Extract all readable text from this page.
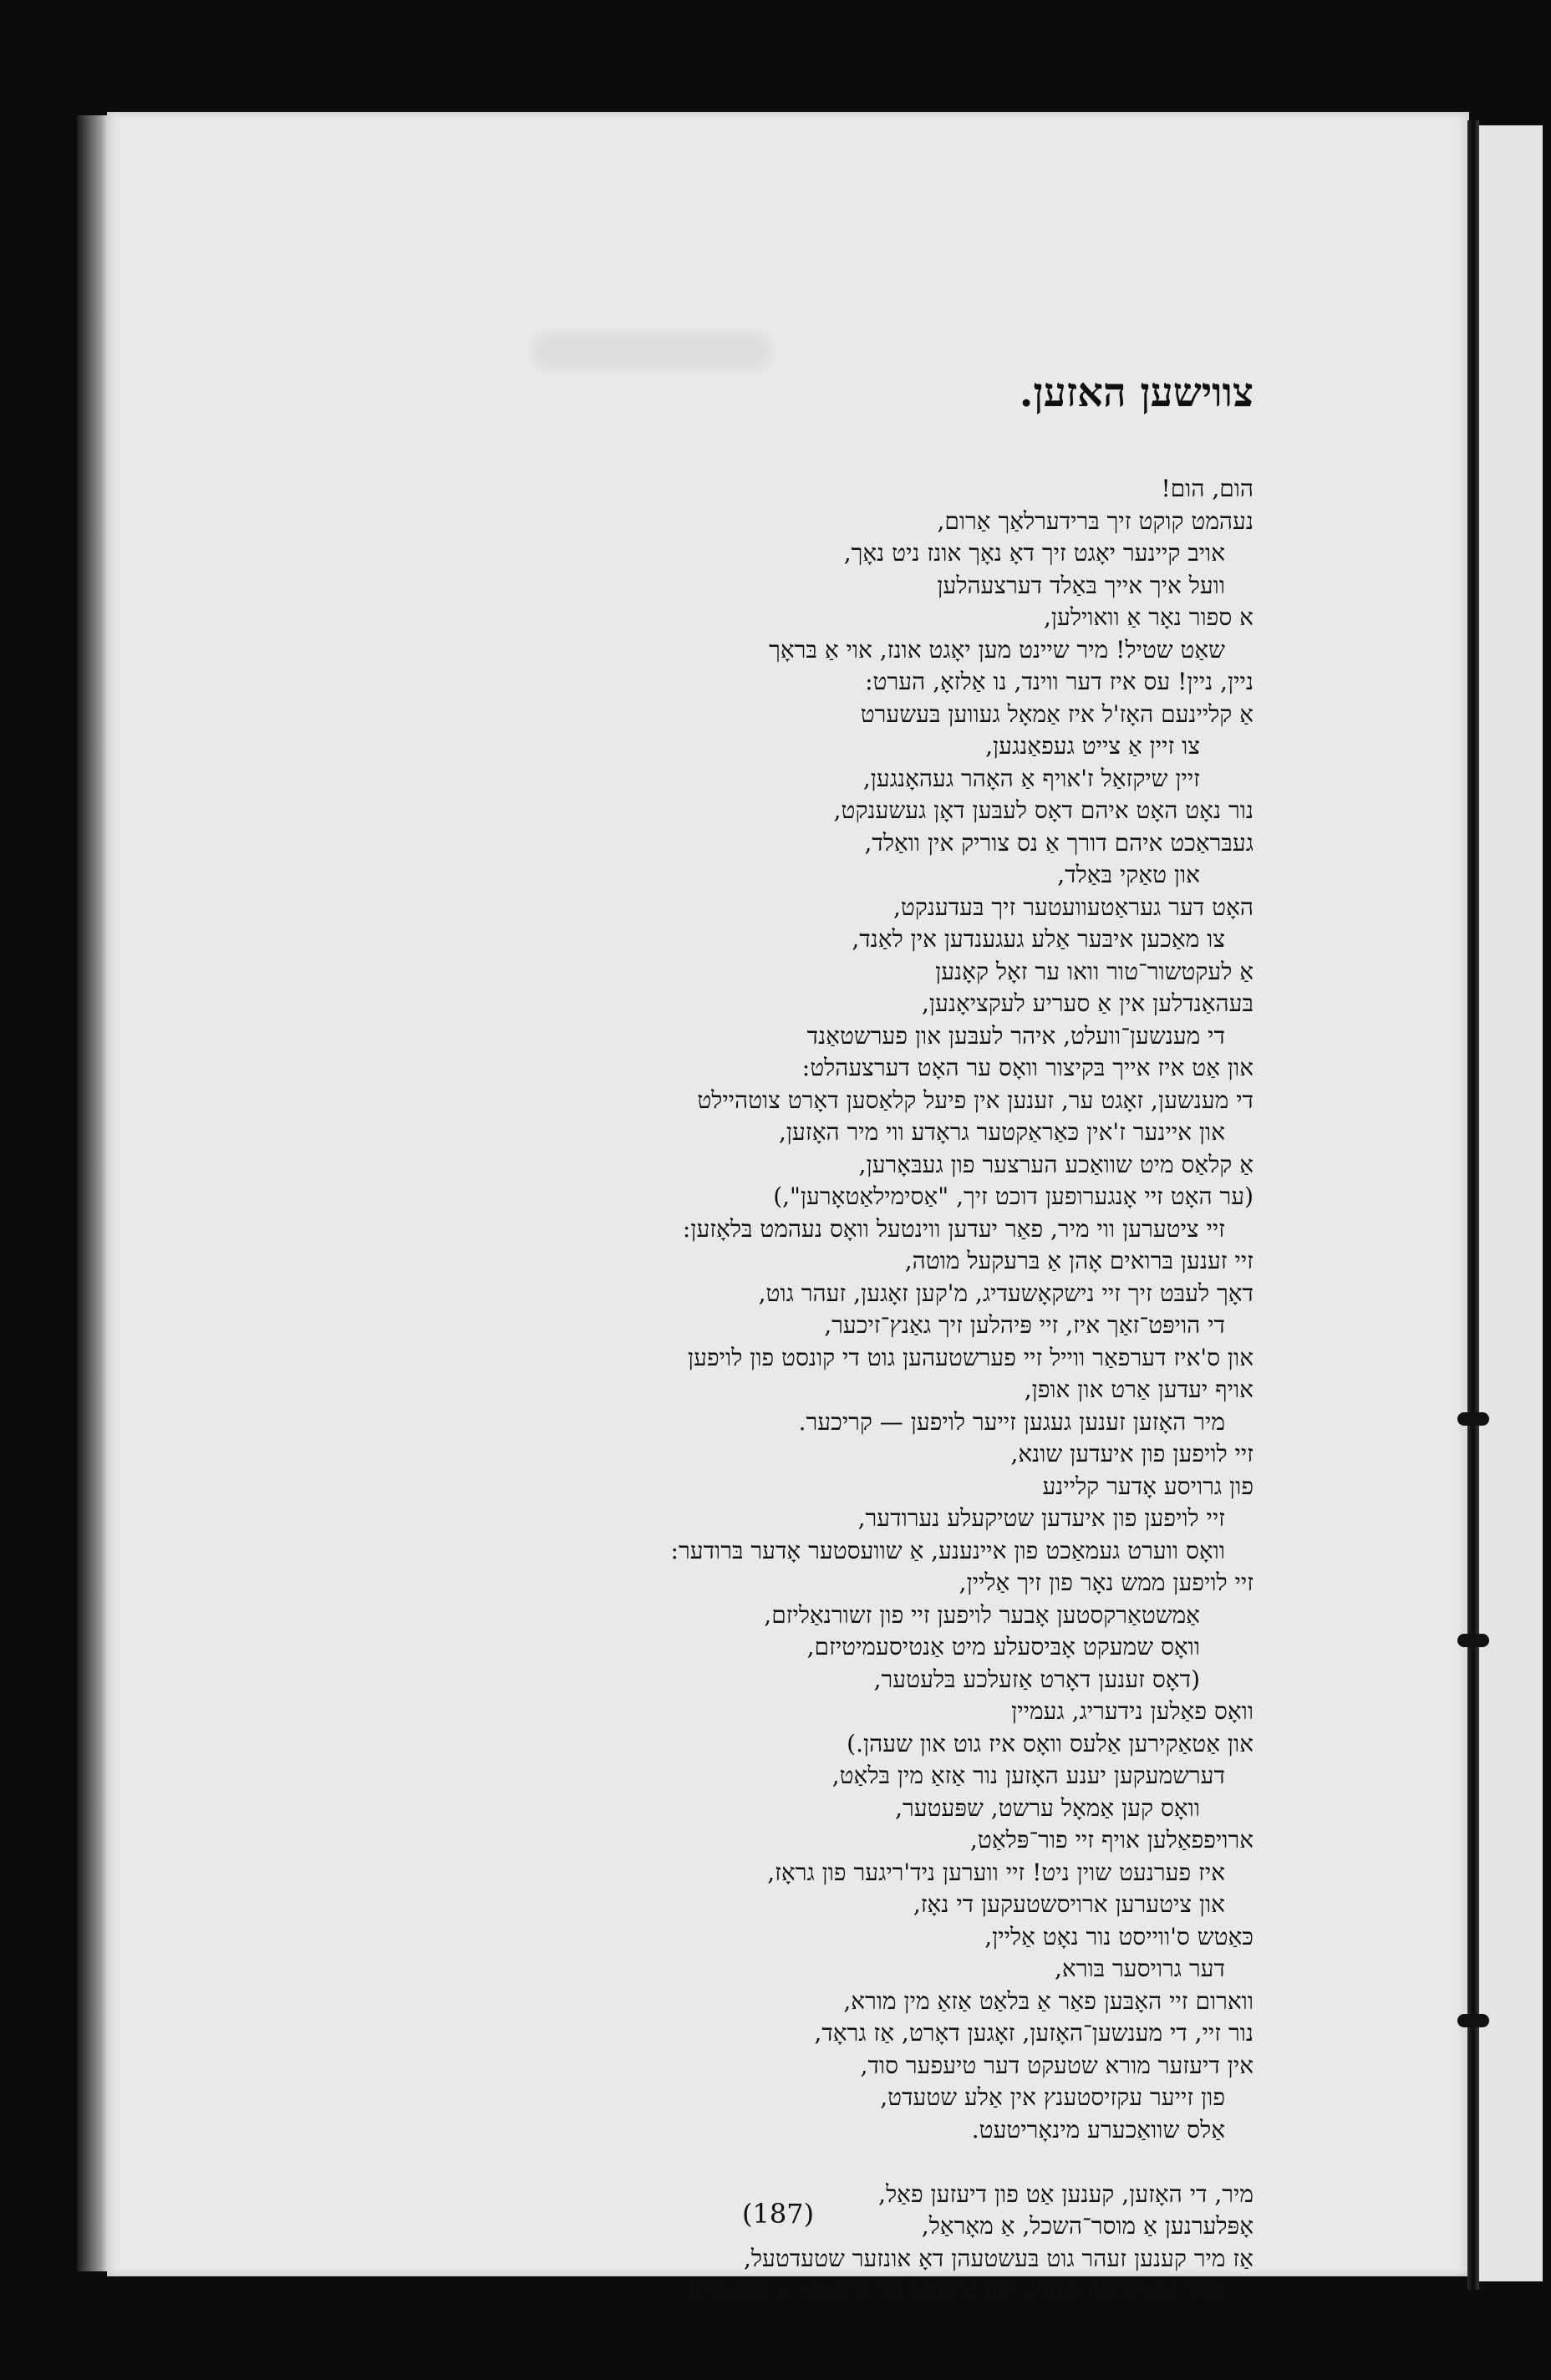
צווישען האזען.
הום, הום!
נעהמט קוקט זיך בּרידערלאַך אַרום,
אויב קיינער יאָגט זיך דאָ נאָך אונז ניט נאָך,
וועל איך אייך בּאַלד דערצעהלען
א ספור נאָר אַ וואוילען,
שאַט שטיל! מיר שיינט מען יאָגט אונז, אוי אַ בּראָך
ניין, ניין! עס איז דער ווינד, נו אַלזאָ, הערט:
אַ קליינעם האָז'ל איז אַמאָל געווען בּעשערט
צו זיין אַ צייט געפאַנגען,
זיין שיקזאַל ז'אויף אַ האָהר געהאָנגען,
נור נאָט האָט איהם דאָס לעבּען דאָן געשענקט,
געבּראַכט איהם דורך אַ נס צוריק אין וואַלד,
און טאַקי בּאַלד,
האָט דער געראַטעוועטער זיך בּעדענקט,
צו מאַכען איבּער אַלע געגענדען אין לאַנד,
אַ לעקטשור־טור וואו ער זאָל קאָנען
בּעהאַנדלען אין אַ סעריע לעקציאָנען,
די מענשען־וועלט, איהר לעבּען און פערשטאַנד
און אַט איז אייך בּקיצור וואָס ער האָט דערצעהלט:
די מענשען, זאָגט ער, זענען אין פיעל קלאַסען דאָרט צוטהיילט
און איינער ז'אין כּאַראַקטער גראָדע ווי מיר האָזען,
אַ קלאַס מיט שוואַכע הערצער פון געבּאָרען,
(ער האָט זיי אָנגערופען דוכט זיך, "אַסימילאַטאָרען",)
זיי ציטערען ווי מיר, פאַר יעדען ווינטעל וואָס נעהמט בּלאָזען:
זיי זענען בּרואים אָהן אַ בּרעקעל מוטה,
דאָך לעבּט זיך זיי נישקאָשעדיג, מ'קען זאָגען, זעהר גוט,
די הויפּט־זאַך איז, זיי פּיהלען זיך גאַנץ־זיכער,
און ס'איז דערפאַר ווייל זיי פערשטעהען גוט די קונסט פון לויפען
אויף יעדען אַרט און אופן,
מיר האָזען זענען געגען זייער לויפען — קריכער.
זיי לויפען פון איעדען שונא,
פון גרויסע אָדער קליינע
זיי לויפען פון איעדען שטיקעלע נערודער,
וואָס ווערט געמאַכט פון איינענע, אַ שוועסטער אָדער בּרודער:
זיי לויפען ממש נאָר פון זיך אַליין,
אַמשטאַרקסטען אָבער לויפען זיי פון זשורנאַליזם,
וואָס שמעקט אָבּיסעלע מיט אַנטיסעמיטיזם,
(דאָס זענען דאָרט אַזעלכע בּלעטער,
וואָס פאַלען נידעריג, געמיין
און אַטאַקירען אַלעס וואָס איז גוט און שעהן.)
דערשמעקען יענע האָזען נור אַזאַ מין בּלאַט,
וואָס קען אַמאָל ערשט, שפּעטער,
ארויפפאַלען אויף זיי פור־פּלאַט,
איז פערנעט שוין ניט! זיי ווערען ניד'ריגער פון גראָז,
און ציטערען ארויסשטעקען די נאָז,
כּאַטש ס'ווייסט נור נאָט אַליין,
דער גרויסער בּורא,
ווארום זיי האָבּען פאַר אַ בּלאַט אַזאַ מין מורא,
נור זיי, די מענשען־האָזען, זאָגען דאָרט, אַז גראָד,
אין דיעזער מורא שטעקט דער טיעפער סוד,
פון זייער עקזיסטענץ אין אַלע שטעדט,
אַלס שוואַכערע מינאָריטעט.
מיר, די האָזען, קענען אַט פון דיעזען פאַל,
אָפּלערנען אַ מוסר־השכל, אַ מאָראַל,
אַז מיר קענען זעהר גוט בּעשטעהן דאָ אונזער שטעדטעל,
דורך אַנטלויפען שנעל, ווען מ'זעהט נור ס'פּאַלט אַ בּלעטעל!
(187)
